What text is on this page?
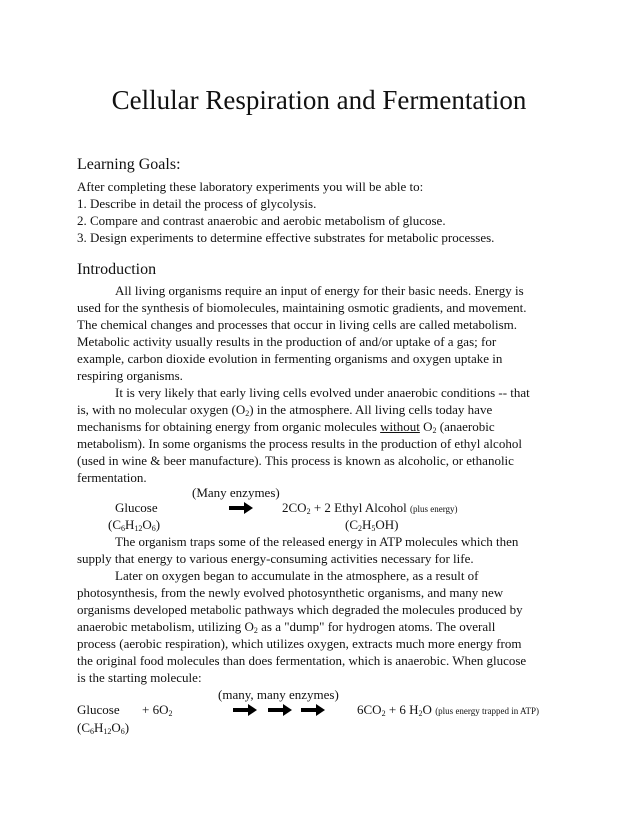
Cellular Respiration and Fermentation
Learning Goals:

After completing these laboratory experiments you will be able to:

1. Describe in detail the process of glycolysis.

2. Compare and contrast anaerobic and aerobic metabolism of glucose.

3. Design experiments to determine effective substrates for metabolic processes.

Introduction

All living organisms require an input of energy for their basic needs. Energy is

used for the synthesis of biomolecules, maintaining osmotic gradients, and movement.

The chemical changes and processes that occur in living cells are called metabolism.

Metabolic activity usually results in the production of and/or uptake of a gas; for

example, carbon dioxide evolution in fermenting organisms and oxygen uptake in

respiring organisms.

It is very likely that early living cells evolved under anaerobic conditions -- that

is, with no molecular oxygen $(O_2)$ in the atmosphere. All living cells today have

mechanisms for obtaining energy from organic molecules without $O_2$ (anaerobic

metabolism). In some organisms the process results in the production of ethyl alcohol

(used in wine & beer manufacture). This process is known as alcoholic, or ethanolic

fermentation.

(Many enzymes)
Glucose	$2CO_2 + 2$ Ethyl Alcohol (plus energy)
$(C_6H_{12}O_6)$	$(C_2H_5OH)$

The organism traps some of the released energy in ATP molecules which then

supply that energy to various energy-consuming activities necessary for life.

Later on oxygen began to accumulate in the atmosphere, as a result of

photosynthesis, from the newly evolved photosynthetic organisms, and many new

organisms developed metabolic pathways which degraded the molecules produced by

anaerobic metabolism, utilizing $O_2$ as a "dump" for hydrogen atoms. The overall

process (aerobic respiration), which utilizes oxygen, extracts much more energy from

the original food molecules than does fermentation, which is anaerobic. When glucose

is the starting molecule:

(many, many enzymes)
$Glucose + 6O_2$	$6CO_2 + 6$ $H_2O$ (plus energy trapped in ATP)
$(C_6H_{12}O_6)$
